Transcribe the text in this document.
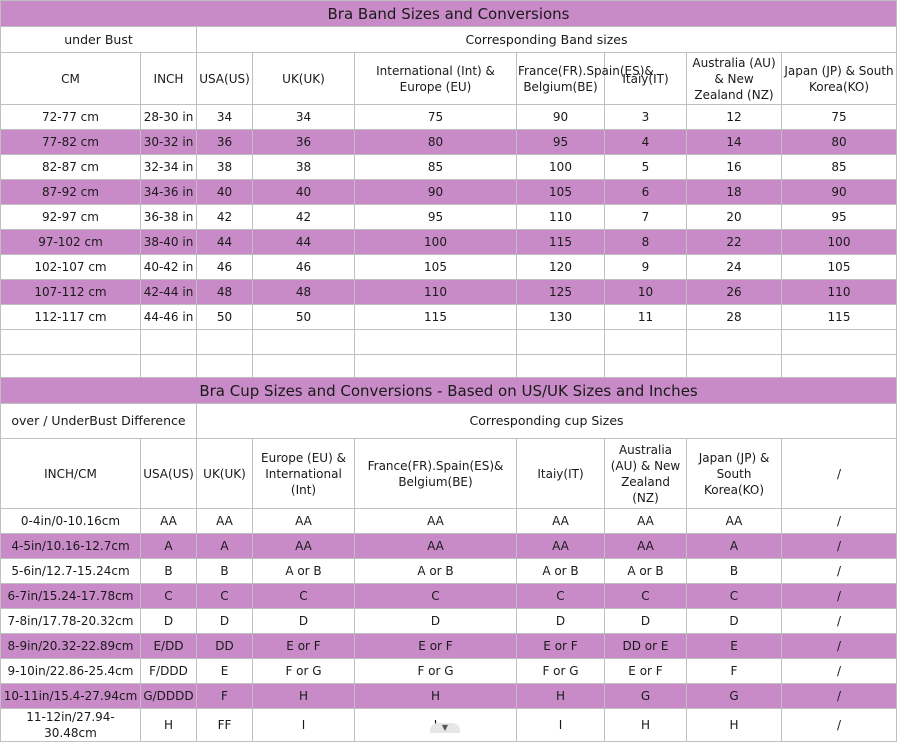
Bra Band Sizes and Conversions								
under Bust		Corresponding Band sizes						
CM	INCH	USA(US)	UK(UK)	International (Int) & Europe (EU)	France(FR).Spain(ES)& Belgium(BE)	Itaiy(IT)	Australia (AU) & New Zealand (NZ)	Japan (JP) & South Korea(KO)
72-77 cm	28-30 in	34	34	75	90	3	12	75
77-82 cm	30-32 in	36	36	80	95	4	14	80
82-87 cm	32-34 in	38	38	85	100	5	16	85
87-92 cm	34-36 in	40	40	90	105	6	18	90
92-97 cm	36-38 in	42	42	95	110	7	20	95
97-102 cm	38-40 in	44	44	100	115	8	22	100
102-107 cm	40-42 in	46	46	105	120	9	24	105
107-112 cm	42-44 in	48	48	110	125	10	26	110
112-117 cm	44-46 in	50	50	115	130	11	28	115

Bra Cup Sizes and Conversions - Based on US/UK Sizes and Inches								
over / UnderBust Difference		Corresponding cup Sizes						
INCH/CM	USA(US)	UK(UK)	Europe (EU) & International (Int)	France(FR).Spain(ES)& Belgium(BE)	Itaiy(IT)	Australia (AU) & New Zealand (NZ)	Japan (JP) & South Korea(KO)	/
0-4in/0-10.16cm	AA	AA	AA	AA	AA	AA	AA	/
4-5in/10.16-12.7cm	A	A	AA	AA	AA	AA	A	/
5-6in/12.7-15.24cm	B	B	A or B	A or B	A or B	A or B	B	/
6-7in/15.24-17.78cm	C	C	C	C	C	C	C	/
7-8in/17.78-20.32cm	D	D	D	D	D	D	D	/
8-9in/20.32-22.89cm	E/DD	DD	E or F	E or F	E or F	DD or E	E	/
9-10in/22.86-25.4cm	F/DDD	E	F or G	F or G	F or G	E or F	F	/
10-11in/15.4-27.94cm	G/DDDD	F	H	H	H	G	G	/
11-12in/27.94-30.48cm	H	FF	I		I	H	H	/
▼
